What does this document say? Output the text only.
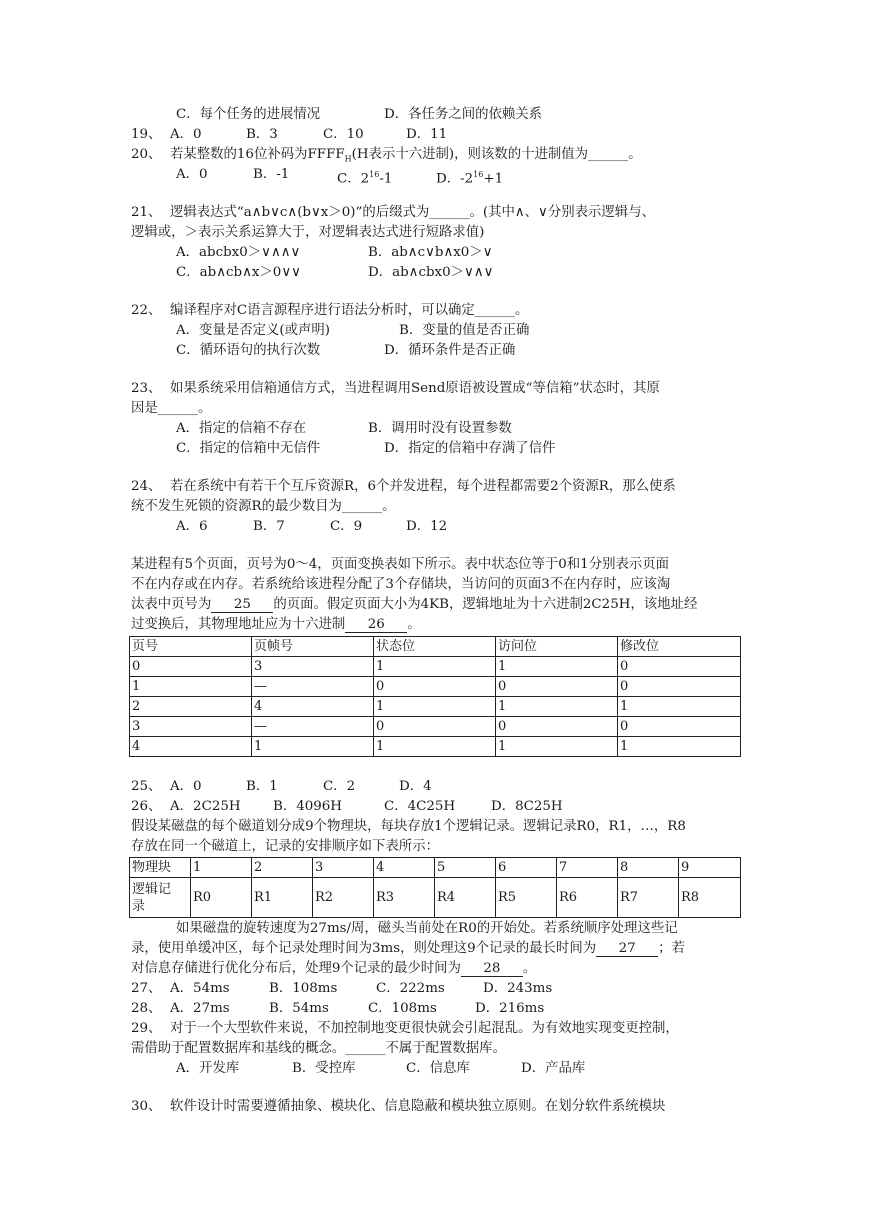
C．每个任务的进展情况	D．各任务之间的依赖关系
19、 A．0	B．3	C．10	D．11
20、 若某整数的16位补码为$FFFF_H(H$表示十六进制)，则该数的十进制值为______。
A．0	B．-1	C．$2^{16}-1$	D．$-2^{16}+1$
21、 逻辑表达式“a∧b∨c∧(b∨x＞0)”的后缀式为______。(其中∧、∨分别表示逻辑与、
逻辑或，＞表示关系运算大于，对逻辑表达式进行短路求值)
A．abcbx0＞∨∧∧∨	B．ab∧c∨b∧x0＞∨
C．ab∧cb∧x＞0∨∨	D．ab∧cbx0＞∨∧∨
22、 编译程序对C语言源程序进行语法分析时，可以确定______。
A．变量是否定义(或声明)	B．变量的值是否正确
C．循环语句的执行次数	D．循环条件是否正确
23、 如果系统采用信箱通信方式，当进程调用Send原语被设置成“等信箱”状态时，其原
因是______。
A．指定的信箱不存在	B．调用时没有设置参数
C．指定的信箱中无信件	D．指定的信箱中存满了信件
24、 若在系统中有若干个互斥资源R，6个并发进程，每个进程都需要2个资源R，那么使系
统不发生死锁的资源R的最少数目为______。
A．6	B．7	C．9	D．12
某进程有5个页面，页号为0～4，页面变换表如下所示。表中状态位等于0和1分别表示页面
不在内存或在内存。若系统给该进程分配了3个存储块，当访问的页面3不在内存时，应该淘
汰表中页号为 25 的页面。假定页面大小为4KB，逻辑地址为十六进制2C25H，该地址经
过变换后，其物理地址应为十六进制 26 。
页号	页帧号	状态位	访问位	修改位
0	3	1	1	0
1	—	0	0	0
2	4	1	1	1
3	—	0	0	0
4	1	1	1	1
25、 A．0	B．1	C．2	D．4
26、 A．2C25H B．4096H	C．4C25H	D．8C25H
假设某磁盘的每个磁道划分成9个物理块，每块存放1个逻辑记录。逻辑记录R0，R1，…，R8
存放在同一个磁道上，记录的安排顺序如下表所示：
物理块	1	2	3	4	5	6	7	8	9

逻辑记
录	R0	R1	R2	R3	R4	R5	R6	R7	R8
如果磁盘的旋转速度为27ms/周，磁头当前处在R0的开始处。若系统顺序处理这些记
录，使用单缓冲区，每个记录处理时间为3ms，则处理这9个记录的最长时间为 27 ；若
对信息存储进行优化分布后，处理9个记录的最少时间为 28 。
27、 A．54ms	B．108ms	C．222ms	D．243ms
28、 A．27ms	B．54ms	C．108ms	D．216ms
29、 对于一个大型软件来说，不加控制地变更很快就会引起混乱。为有效地实现变更控制，
需借助于配置数据库和基线的概念。______不属于配置数据库。
A．开发库	B．受控库	C．信息库	D．产品库
30、 软件设计时需要遵循抽象、模块化、信息隐蔽和模块独立原则。在划分软件系统模块
